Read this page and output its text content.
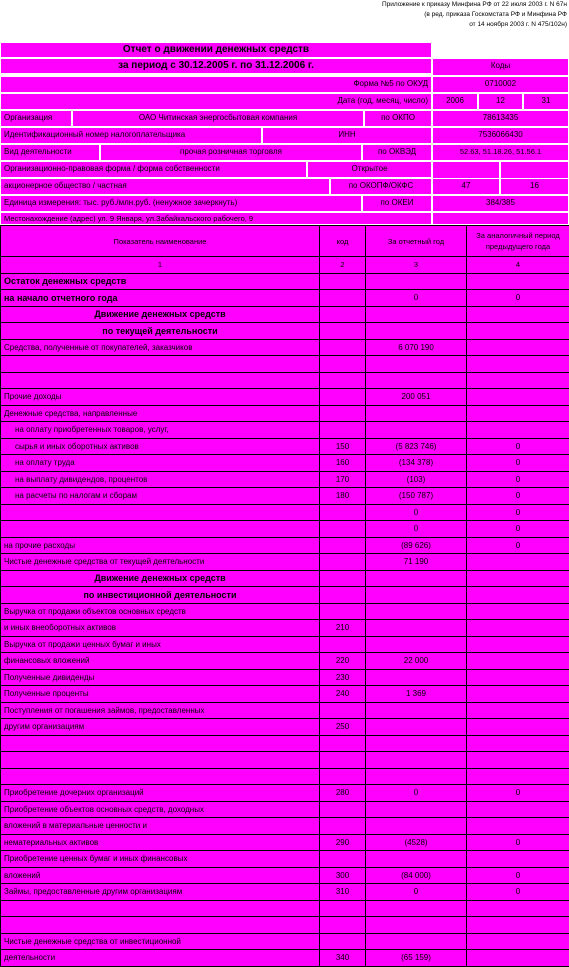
Приложение к приказу Минфина РФ от 22 июля 2003 г. N 67н
(в ред. приказа Госкомстата РФ и Минфина РФ
от 14 ноября 2003 г. N 475/102н)
Отчет о движении денежных средств
за период с 30.12.2005 г. по 31.12.2006 г.	Коды
Форма №5 по ОКУД	0710002
Дата (год, месяц, число)	2006	12	31
Организация	ОАО Читинская энергосбытовая компания	по ОКПО	78613435
Идентификационный номер налогоплательщика	ИНН	7536066430
Вид деятельности	прочая розничная торговля	по ОКВЭД	52.63, 51.18.26, 51.56.1
Организационно-правовая форма / форма собственности	Открытое
акционерное общество / частная	по ОКОПФ/ОКФС	47	16
Единица измерения: тыс. руб./млн.руб. (ненужное зачеркнуть)	по ОКЕИ	384/385
Местонахождение (адрес) ул. 9 Января, ул.Забайкальского рабочего, 9
Показатель наименование	код	За отчетный год	За аналогичный период предыдущего года
1	2	3	4
Остаток денежных средств			
на начало отчетного года		0	0
Движение денежных средств			
по текущей деятельности			
Средства, полученные от покупателей, заказчиков		6 070 190	

Прочие доходы		200 051	
Денежные средства, направленные			
на оплату приобретенных товаров, услуг,			
сырья и иных оборотных активов	150	(5 823 746)	0
на оплату труда	160	(134 378)	0
на выплату дивидендов, процентов	170	(103)	0
на расчеты по налогам и сборам	180	(150 787)	0
		0	0
		0	0
на прочие расходы		(89 626)	0
Чистые денежные средства от текущей деятельности		71 190	
Движение денежных средств			
по инвестиционной деятельности			
Выручка от продажи объектов основных средств			
и иных внеоборотных активов	210		
Выручка от продажи ценных бумаг и иных			
финансовых вложений	220	22 000	
Полученные дивиденды	230		
Полученные проценты	240	1 369	
Поступления от погашения займов, предоставленных			
другим организациям	250		

Приобретение дочерних организаций	280	0	0
Приобретение объектов основных средств, доходных			
вложений в материальные ценности и			
нематериальных активов	290	(4528)	0
Приобретение ценных бумаг и иных финансовых			
вложений	300	(84 000)	0
Займы, предоставленные другим организациям	310	0	0

Чистые денежные средства от инвестиционной			
деятельности	340	(65 159)	
